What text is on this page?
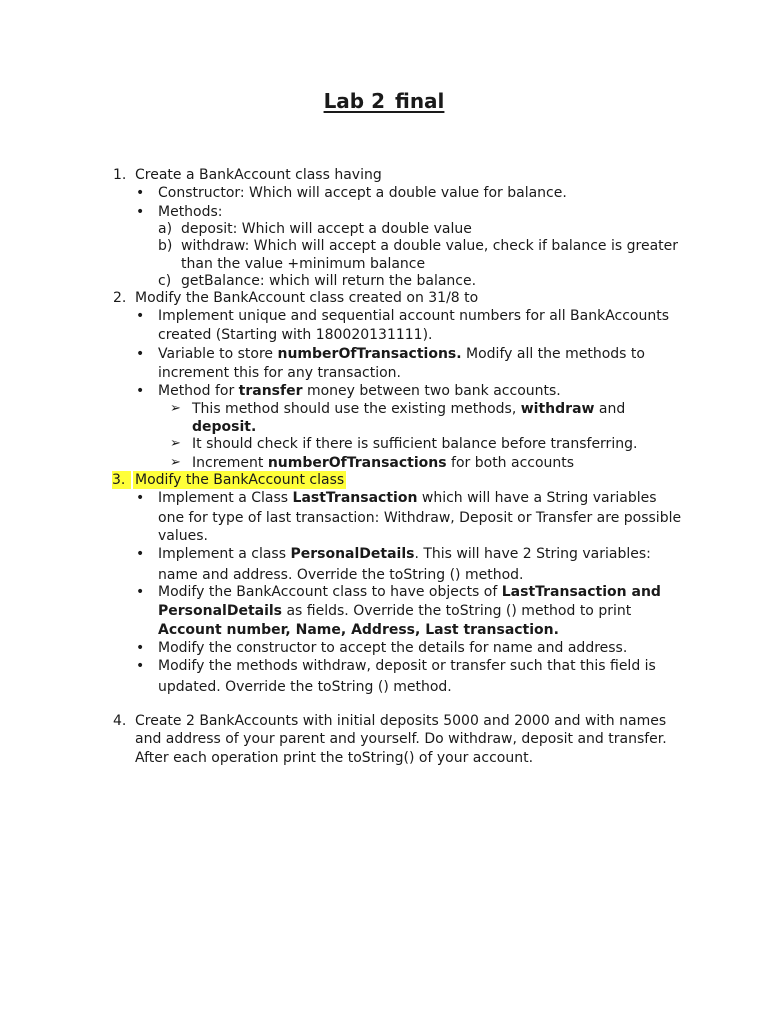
Lab 2_final
1. Create a BankAccount class having
• Constructor: Which will accept a double value for balance.
• Methods:
a) deposit: Which will accept a double value
b) withdraw: Which will accept a double value, check if balance is greater
than the value +minimum balance
c) getBalance: which will return the balance.
2. Modify the BankAccount class created on 31/8 to
• Implement unique and sequential account numbers for all BankAccounts
created (Starting with 180020131111).
• Variable to store numberOfTransactions. Modify all the methods to
increment this for any transaction.
• Method for transfer money between two bank accounts.
➢ This method should use the existing methods, withdraw and
deposit.
➢ It should check if there is sufficient balance before transferring.
➢ Increment numberOfTransactions for both accounts
3. Modify the BankAccount class
• Implement a Class LastTransaction which will have a String variables
one for type of last transaction: Withdraw, Deposit or Transfer are possible
values.
• Implement a class PersonalDetails. This will have 2 String variables:
name and address. Override the toString () method.
• Modify the BankAccount class to have objects of LastTransaction and
PersonalDetails as fields. Override the toString () method to print
Account number, Name, Address, Last transaction.
• Modify the constructor to accept the details for name and address.
• Modify the methods withdraw, deposit or transfer such that this field is
updated. Override the toString () method.
4. Create 2 BankAccounts with initial deposits 5000 and 2000 and with names
and address of your parent and yourself. Do withdraw, deposit and transfer.
After each operation print the toString() of your account.
